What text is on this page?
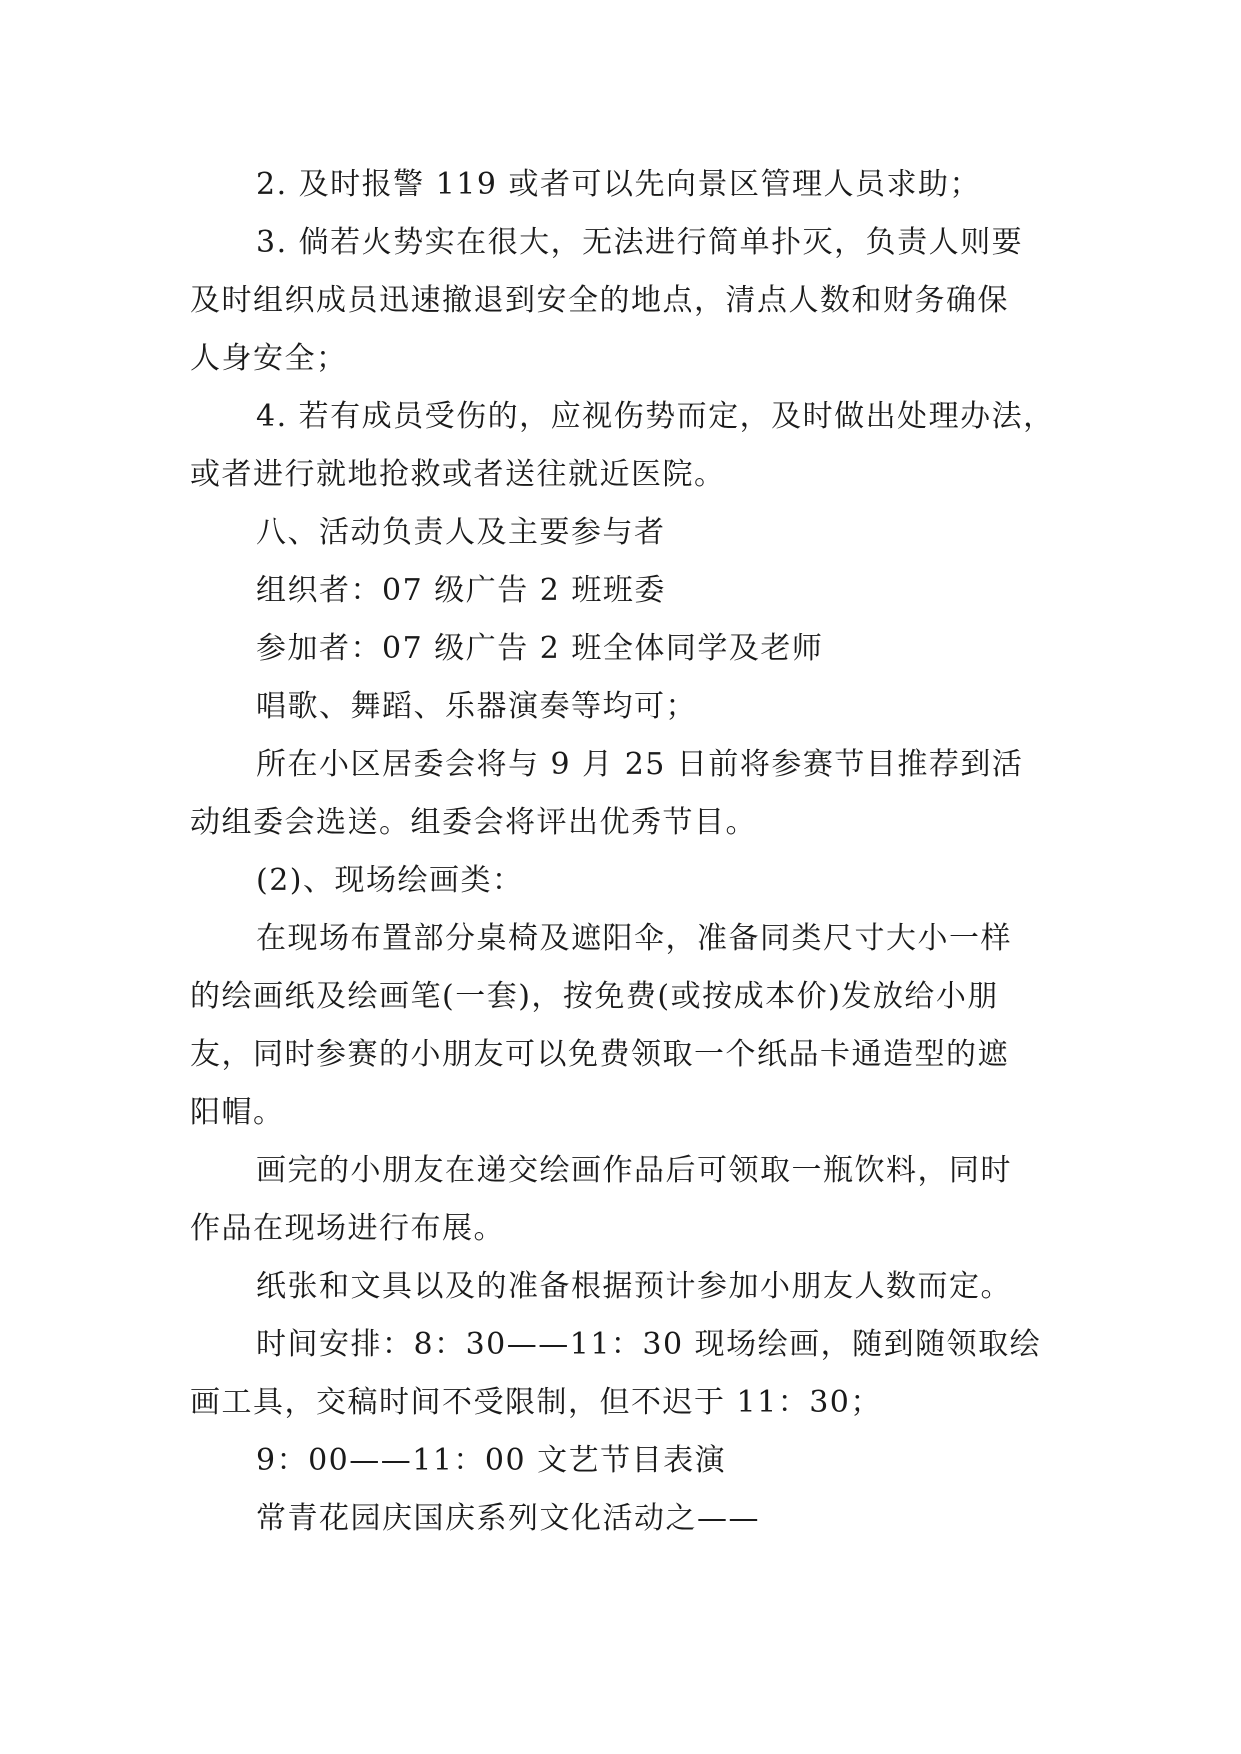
2. 及时报警 119 或者可以先向景区管理人员求助；
3. 倘若火势实在很大，无法进行简单扑灭，负责人则要
及时组织成员迅速撤退到安全的地点，清点人数和财务确保
人身安全；
4. 若有成员受伤的，应视伤势而定，及时做出处理办法，
或者进行就地抢救或者送往就近医院。
八、活动负责人及主要参与者
组织者：07 级广告 2 班班委
参加者：07 级广告 2 班全体同学及老师
唱歌、舞蹈、乐器演奏等均可；
所在小区居委会将与 9 月 25 日前将参赛节目推荐到活
动组委会选送。组委会将评出优秀节目。
(2)、现场绘画类：
在现场布置部分桌椅及遮阳伞，准备同类尺寸大小一样
的绘画纸及绘画笔(一套)，按免费(或按成本价)发放给小朋
友，同时参赛的小朋友可以免费领取一个纸品卡通造型的遮
阳帽。
画完的小朋友在递交绘画作品后可领取一瓶饮料，同时
作品在现场进行布展。
纸张和文具以及的准备根据预计参加小朋友人数而定。
时间安排：8：30——11：30 现场绘画，随到随领取绘
画工具，交稿时间不受限制，但不迟于 11：30；
9：00——11：00 文艺节目表演
常青花园庆国庆系列文化活动之——
